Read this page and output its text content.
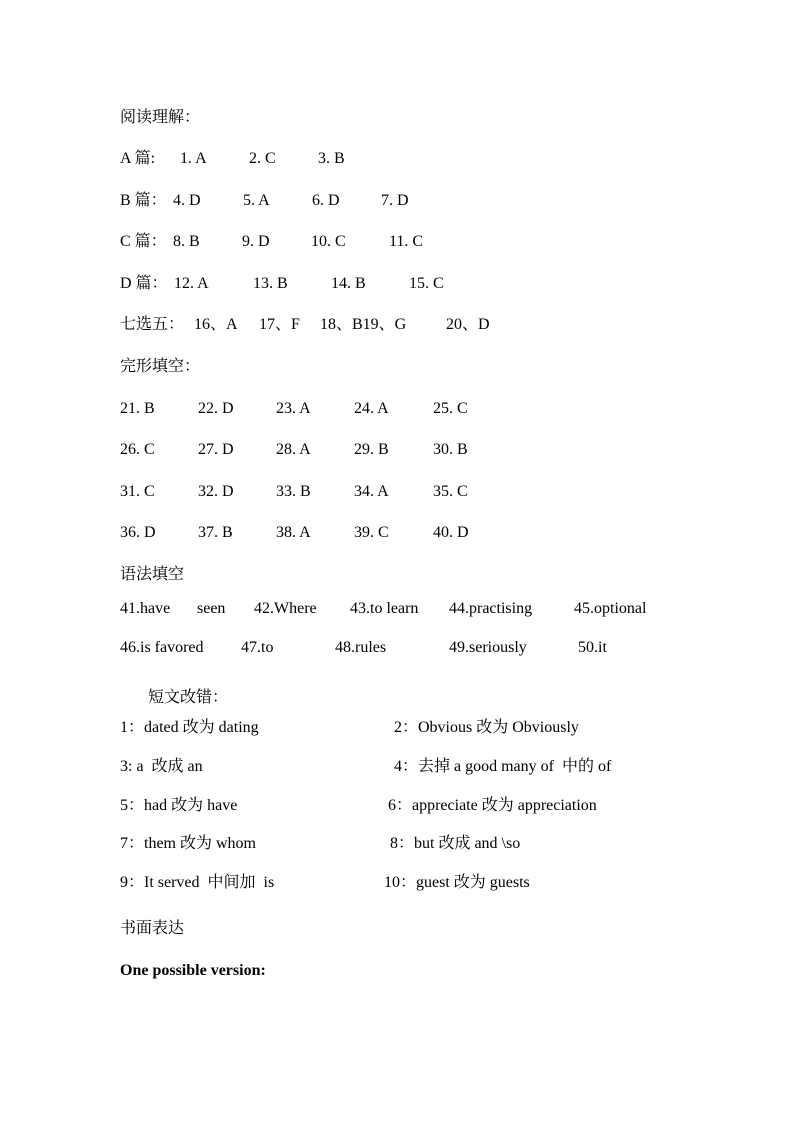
阅读理解：
A 篇: 1. A	2. C	3. B
B 篇： 4. D	5. A	6. D	7. D
C 篇： 8. B	9. D	10. C	11. C
D 篇： 12. A	13. B	14. B	15. C
七选五： 16、A 17、F 18、B19、G 20、D
完形填空：
21. B	22. D	23. A	24. A	25. C
26. C	27. D	28. A	29. B	30. B
31. C	32. D	33. B	34. A	35. C
36. D	37. B	38. A	39. C	40. D
语法填空
41.have seen 42.Where 43.to learn 44.practising	45.optional
46.is favored 47.to	48.rules	49.seriously	50.it
短文改错：
1：dated 改为 dating	2：Obvious 改为 Obviously
3: a  改成 an	4：去掉 a good many of  中的 of
5：had 改为 have	6：appreciate 改为 appreciation
7：them 改为 whom	8：but 改成 and \so
9：It served  中间加  is	10：guest 改为 guests
书面表达
One possible version:
